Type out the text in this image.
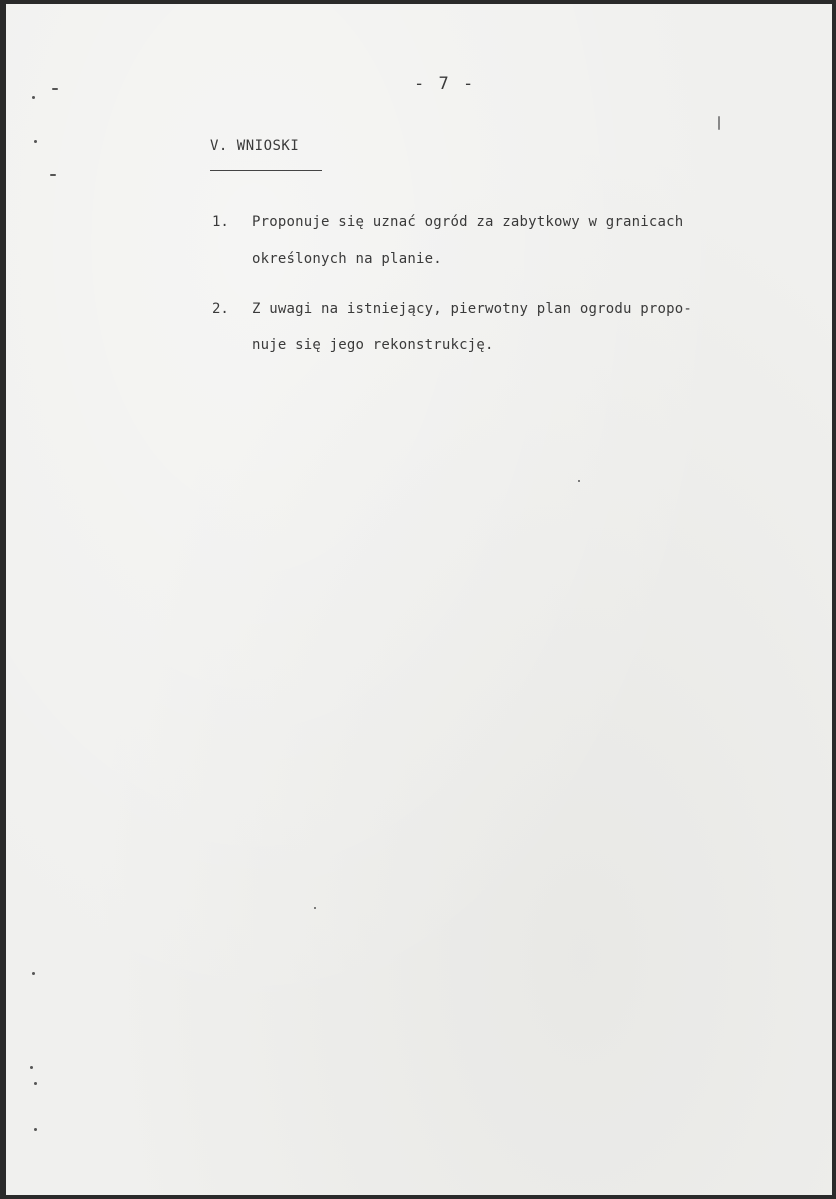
- 7 -
V. WNIOSKI
1. Proponuje się uznać ogród za zabytkowy w granicach
określonych na planie.
2. Z uwagi na istniejący, pierwotny plan ogrodu propo-
nuje się jego rekonstrukcję.
